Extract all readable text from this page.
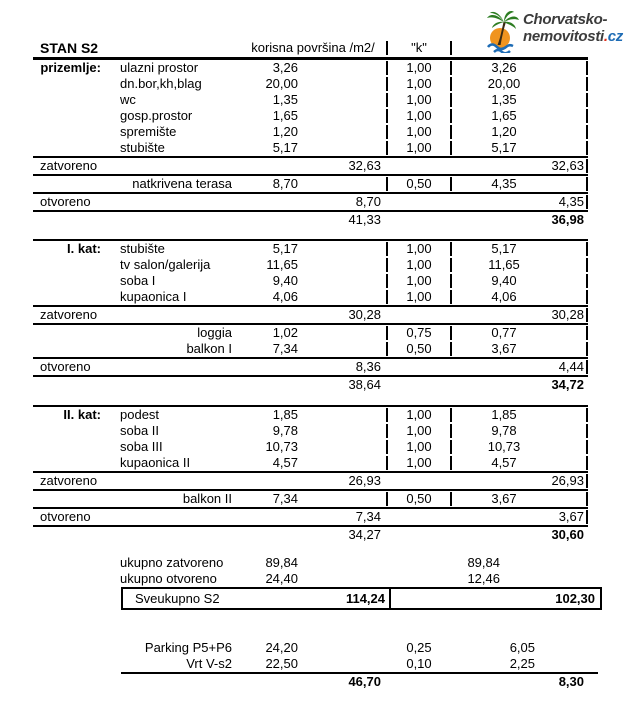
Chorvatsko-
nemovitosti.cz
STAN S2	korisna površina /m2/	"k"
prizemlje:	ulazni prostor	3,26	1,00	3,26
dn.bor,kh,blag	20,00	1,00	20,00
wc	1,35	1,00	1,35
gosp.prostor	1,65	1,00	1,65
spremište	1,20	1,00	1,20
stubište	5,17	1,00	5,17
zatvoreno	32,63	32,63
natkrivena terasa	8,70	0,50	4,35
otvoreno	8,70	4,35
41,33	36,98
I. kat:	stubište	5,17	1,00	5,17
tv salon/galerija	11,65	1,00	11,65
soba I	9,40	1,00	9,40
kupaonica I	4,06	1,00	4,06
zatvoreno	30,28	30,28
loggia	1,02	0,75	0,77
balkon I	7,34	0,50	3,67
otvoreno	8,36	4,44
38,64	34,72
II. kat:	podest	1,85	1,00	1,85
soba II	9,78	1,00	9,78
soba III	10,73	1,00	10,73
kupaonica II	4,57	1,00	4,57
zatvoreno	26,93	26,93
balkon II	7,34	0,50	3,67
otvoreno	7,34	3,67
34,27	30,60
ukupno zatvoreno	89,84	89,84
ukupno otvoreno	24,40	12,46
Sveukupno S2	114,24	102,30
Parking P5+P6	24,20	0,25	6,05
Vrt V-s2	22,50	0,10	2,25
46,70	8,30
